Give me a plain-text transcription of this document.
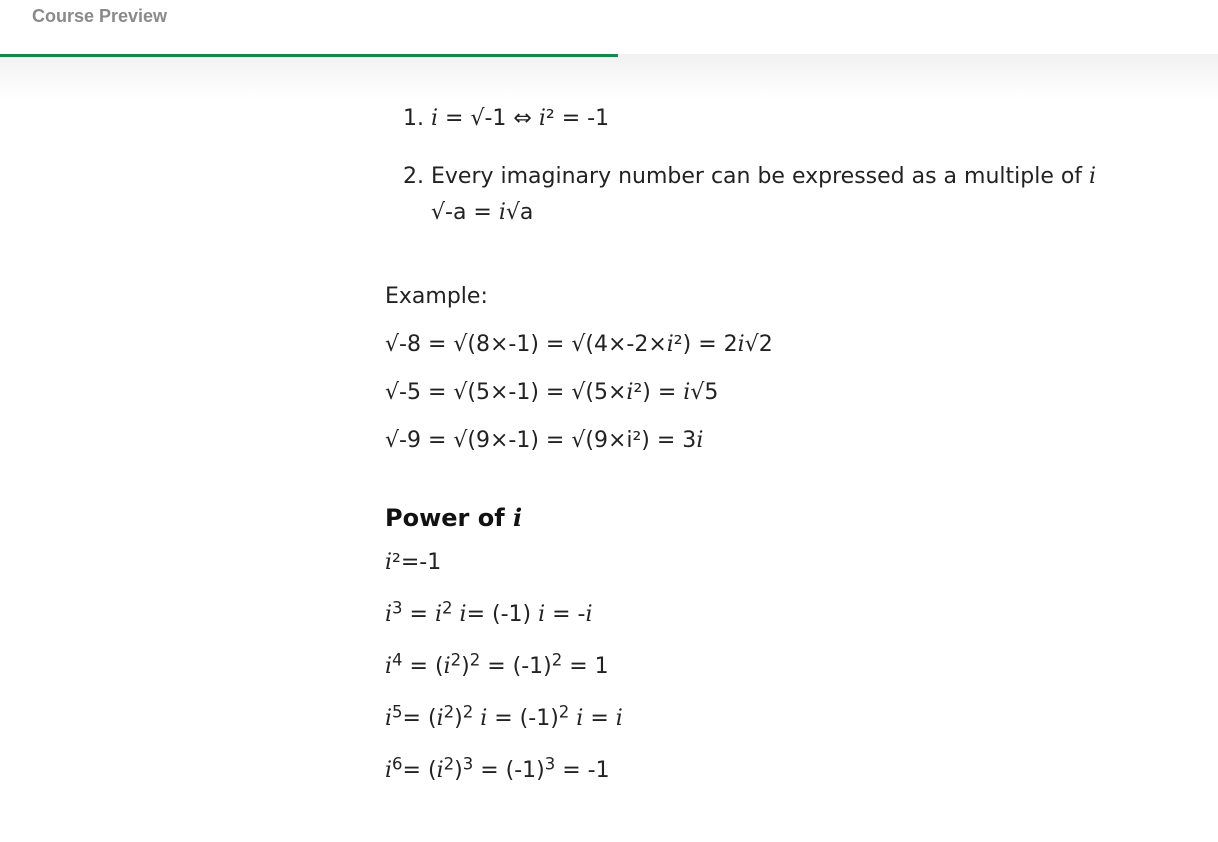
Course Preview
1. i = √-1 ⇔ i² = -1
2. Every imaginary number can be expressed as a multiple of i
√-a = i√a
Example:
√-8 = √(8×-1) = √(4×-2×i²) = 2i√2
√-5 = √(5×-1) = √(5×i²) = i√5
√-9 = √(9×-1) = √(9×i²) = 3i
Power of i
i²=-1
$i^3 = i^2$ i= (-1) i = -i
$i^4 = (i^2)^2 = (-1)^2 = 1$
$i^5= (i^2)^2$ $i = (-1)^2$ i = i
$i^6= (i^2)^3 = (-1)^3 = -1$
